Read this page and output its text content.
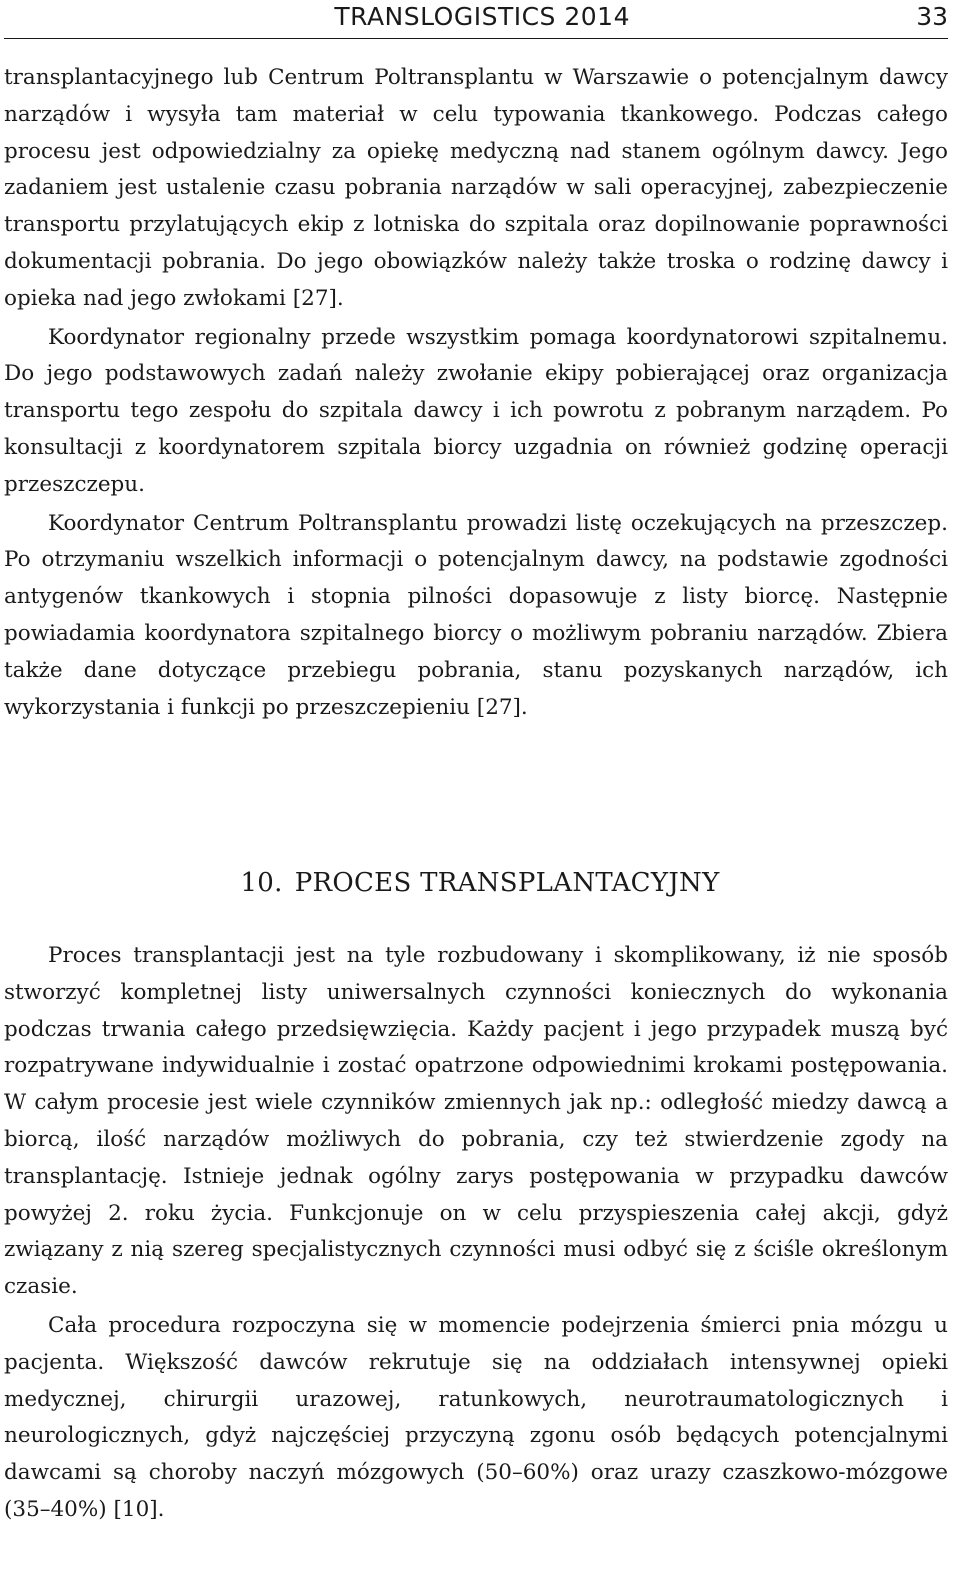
TRANSLOGISTICS 2014	33

transplantacyjnego lub Centrum Poltransplantu w Warszawie o potencjalnym dawcy narządów i wysyła tam materiał w celu typowania tkankowego. Podczas całego procesu jest odpowiedzialny za opiekę medyczną nad stanem ogólnym dawcy. Jego zadaniem jest ustalenie czasu pobrania narządów w sali operacyjnej, zabezpieczenie transportu przylatujących ekip z lotniska do szpitala oraz dopilnowanie poprawności dokumentacji pobrania. Do jego obowiązków należy także troska o rodzinę dawcy i opieka nad jego zwłokami [27].

Koordynator regionalny przede wszystkim pomaga koordynatorowi szpitalnemu. Do jego podstawowych zadań należy zwołanie ekipy pobierającej oraz organizacja transportu tego zespołu do szpitala dawcy i ich powrotu z pobranym narządem. Po konsultacji z koordynatorem szpitala biorcy uzgadnia on również godzinę operacji przeszczepu.

Koordynator Centrum Poltransplantu prowadzi listę oczekujących na przeszczep. Po otrzymaniu wszelkich informacji o potencjalnym dawcy, na podstawie zgodności antygenów tkankowych i stopnia pilności dopasowuje z listy biorcę. Następnie powiadamia koordynatora szpitalnego biorcy o możliwym pobraniu narządów. Zbiera także dane dotyczące przebiegu pobrania, stanu pozyskanych narządów, ich wykorzystania i funkcji po przeszczepieniu [27].

10. PROCES TRANSPLANTACYJNY

Proces transplantacji jest na tyle rozbudowany i skomplikowany, iż nie sposób stworzyć kompletnej listy uniwersalnych czynności koniecznych do wykonania podczas trwania całego przedsięwzięcia. Każdy pacjent i jego przypadek muszą być rozpatrywane indywidualnie i zostać opatrzone odpowiednimi krokami postępowania. W całym procesie jest wiele czynników zmiennych jak np.: odległość miedzy dawcą a biorcą, ilość narządów możliwych do pobrania, czy też stwierdzenie zgody na transplantację. Istnieje jednak ogólny zarys postępowania w przypadku dawców powyżej 2. roku życia. Funkcjonuje on w celu przyspieszenia całej akcji, gdyż związany z nią szereg specjalistycznych czynności musi odbyć się z ściśle określonym czasie.

Cała procedura rozpoczyna się w momencie podejrzenia śmierci pnia mózgu u pacjenta. Większość dawców rekrutuje się na oddziałach intensywnej opieki medycznej, chirurgii urazowej, ratunkowych, neurotraumatologicznych i neurologicznych, gdyż najczęściej przyczyną zgonu osób będących potencjalnymi dawcami są choroby naczyń mózgowych (50–60%) oraz urazy czaszkowo-mózgowe (35–40%) [10].
